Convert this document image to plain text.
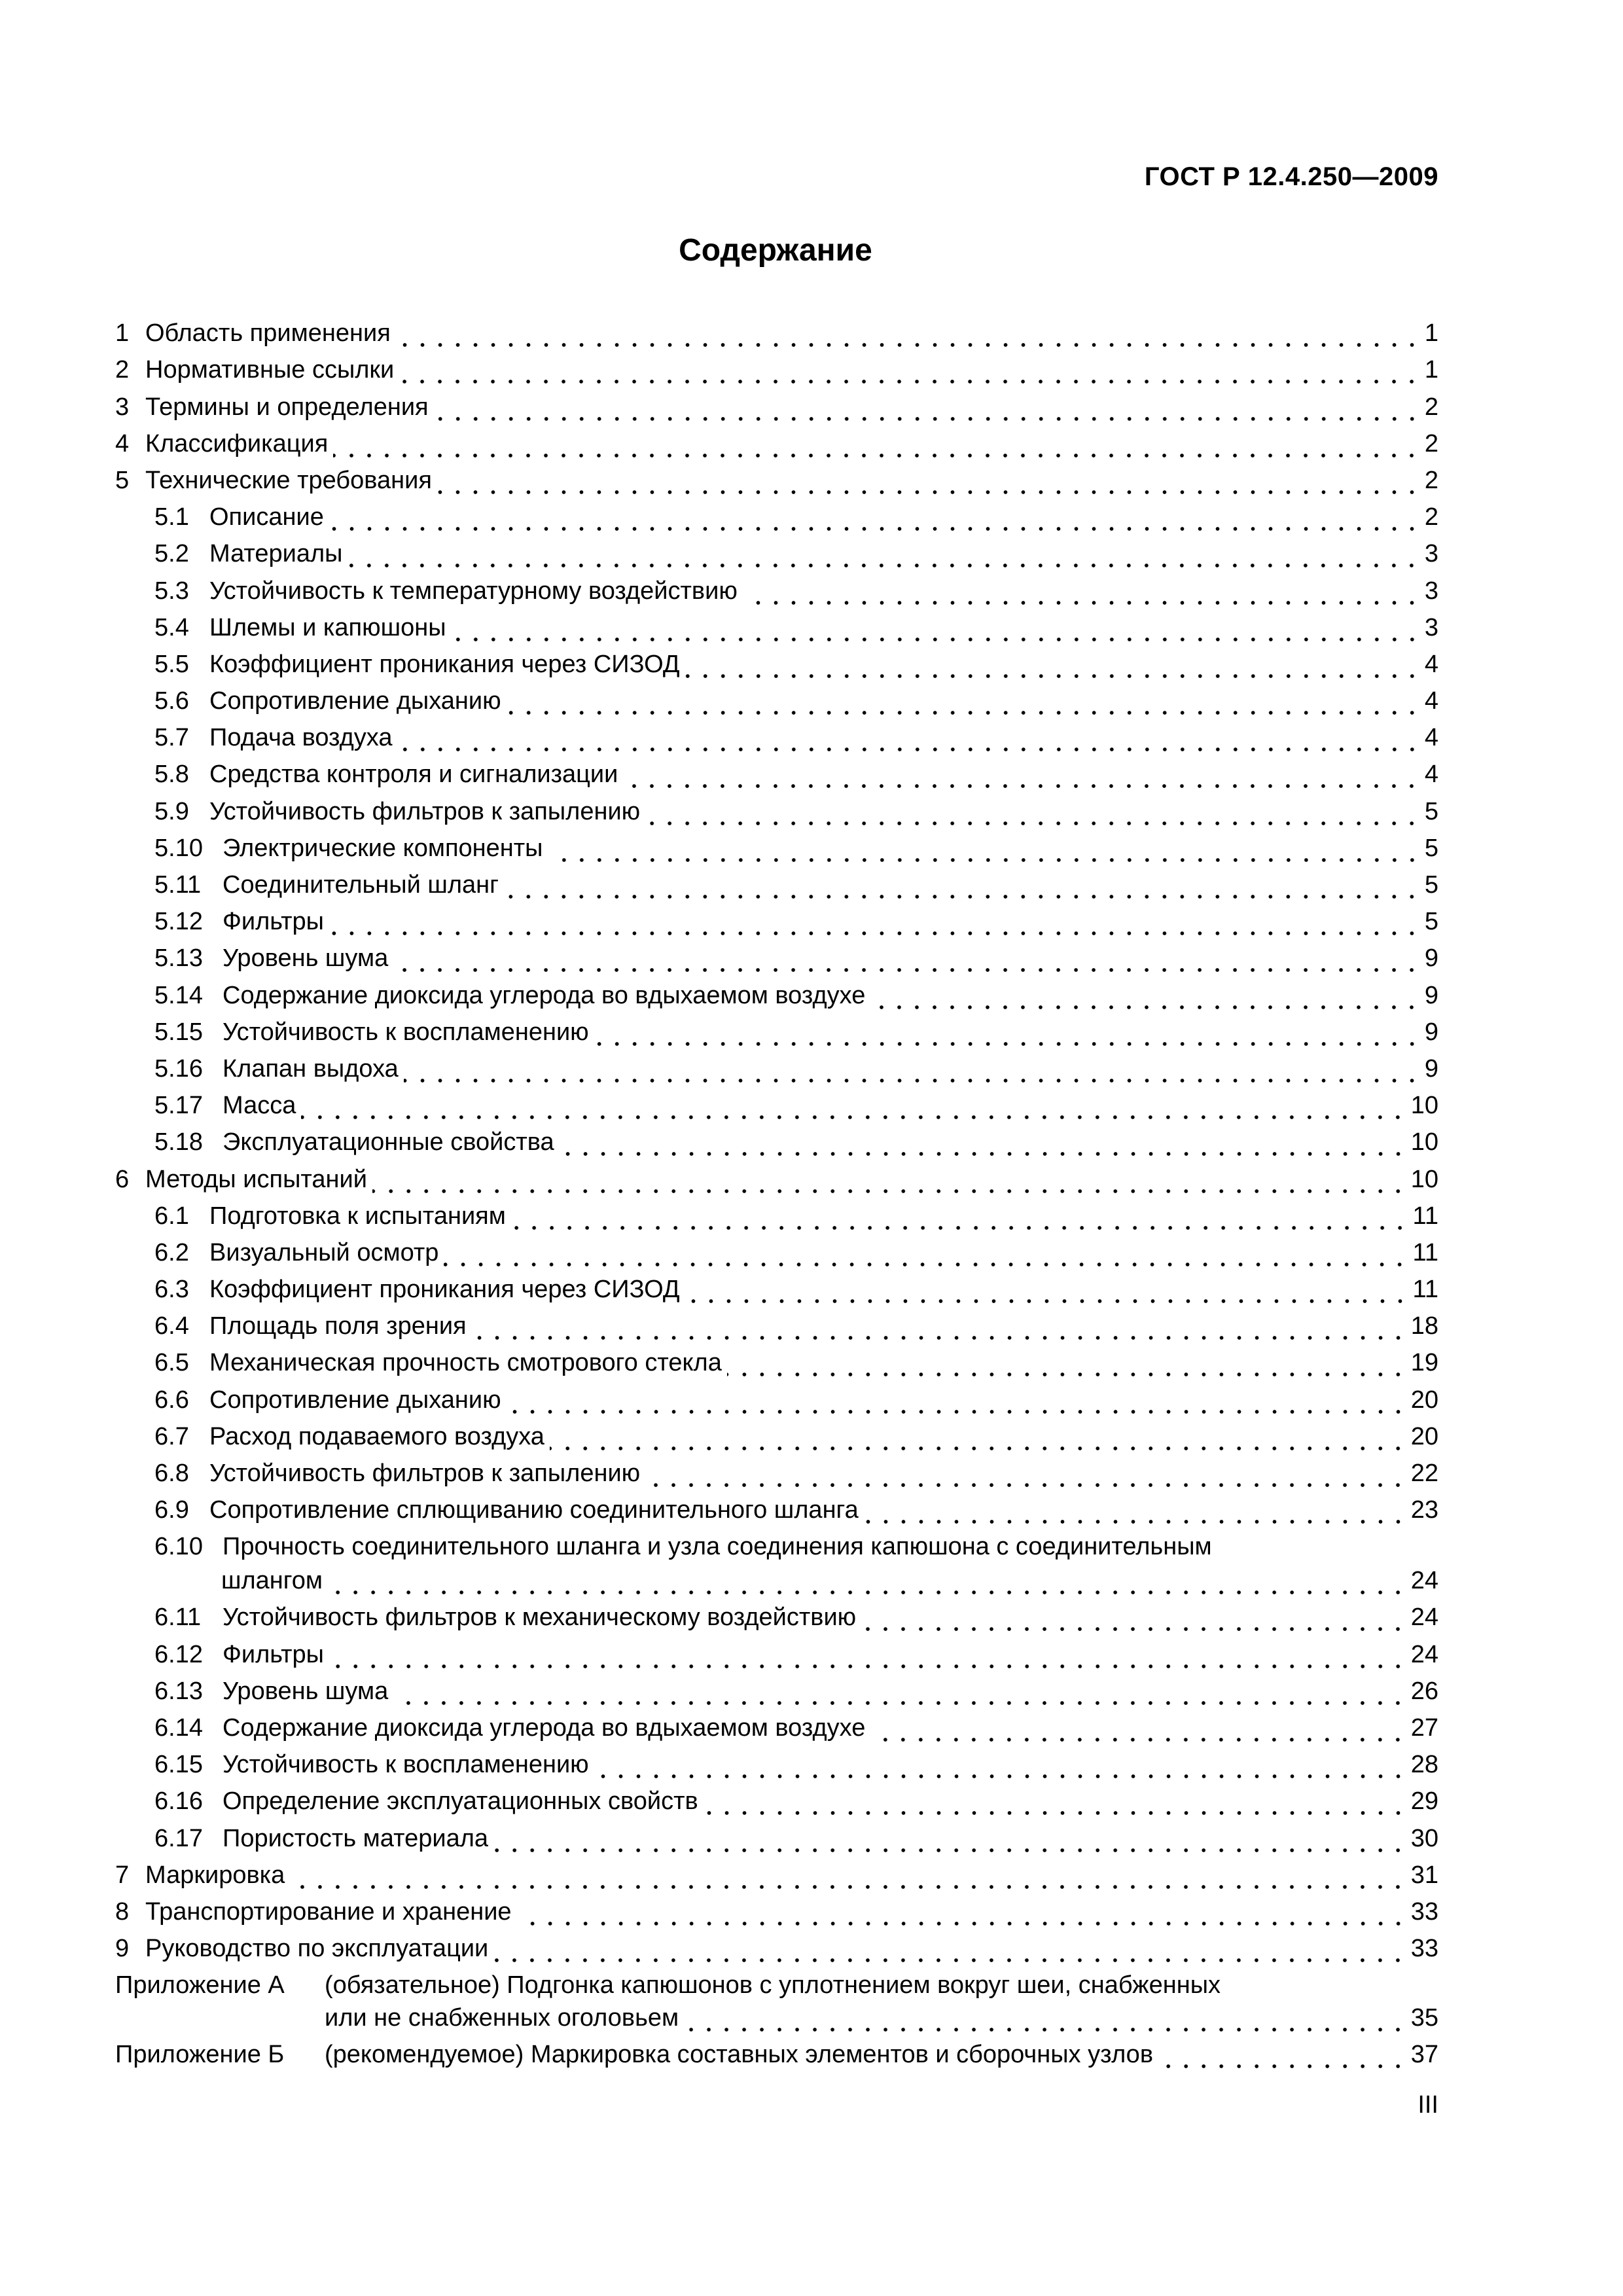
ГОСТ Р 12.4.250—2009
Содержание
1 Область применения	1
2 Нормативные ссылки	1
3 Термины и определения	2
4 Классификация	2
5 Технические требования	2
5.1 Описание	2
5.2 Материалы	3
5.3 Устойчивость к температурному воздействию	3
5.4 Шлемы и капюшоны	3
5.5 Коэффициент проникания через СИЗОД	4
5.6 Сопротивление дыханию	4
5.7 Подача воздуха	4
5.8 Средства контроля и сигнализации	4
5.9 Устойчивость фильтров к запылению	5
5.10 Электрические компоненты	5
5.11 Соединительный шланг	5
5.12 Фильтры	5
5.13 Уровень шума	9
5.14 Содержание диоксида углерода во вдыхаемом воздухе	9
5.15 Устойчивость к воспламенению	9
5.16 Клапан выдоха	9
5.17 Масса	10
5.18 Эксплуатационные свойства	10
6 Методы испытаний	10
6.1 Подготовка к испытаниям	11
6.2 Визуальный осмотр	11
6.3 Коэффициент проникания через СИЗОД	11
6.4 Площадь поля зрения	18
6.5 Механическая прочность смотрового стекла	19
6.6 Сопротивление дыханию	20
6.7 Расход подаваемого воздуха	20
6.8 Устойчивость фильтров к запылению	22
6.9 Сопротивление сплющиванию соединительного шланга	23
6.10 Прочность соединительного шланга и узла соединения капюшона с соединительным
шлангом	24
6.11 Устойчивость фильтров к механическому воздействию	24
6.12 Фильтры	24
6.13 Уровень шума	26
6.14 Содержание диоксида углерода во вдыхаемом воздухе	27
6.15 Устойчивость к воспламенению	28
6.16 Определение эксплуатационных свойств	29
6.17 Пористость материала	30
7 Маркировка	31
8 Транспортирование и хранение	33
9 Руководство по эксплуатации	33
Приложение А	(обязательное) Подгонка капюшонов с уплотнением вокруг шеи, снабженных
или не снабженных оголовьем	35
Приложение Б	(рекомендуемое) Маркировка составных элементов и сборочных узлов	37
III
